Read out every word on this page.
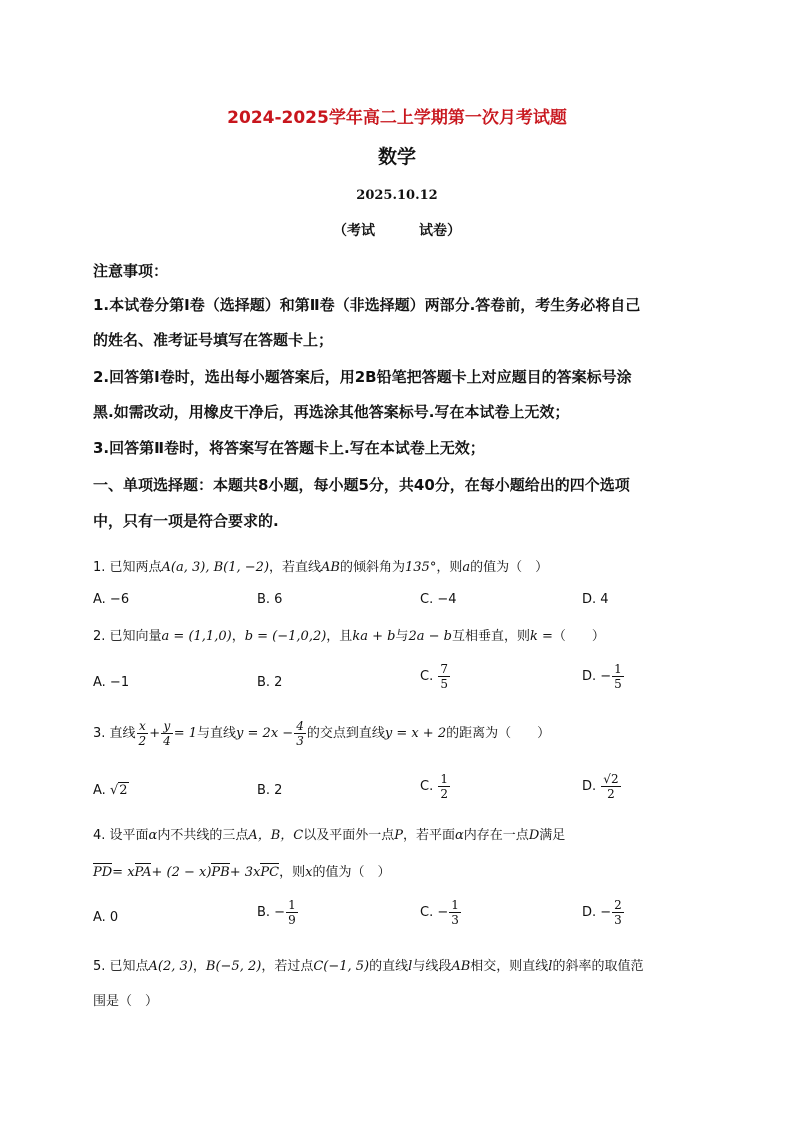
2024-2025学年高二上学期第一次月考试题
数学
2025.10.12
（考试	试卷）
注意事项：
1.本试卷分第Ⅰ卷（选择题）和第Ⅱ卷（非选择题）两部分.答卷前，考生务必将自己
的姓名、准考证号填写在答题卡上；
2.回答第Ⅰ卷时，选出每小题答案后，用2B铅笔把答题卡上对应题目的答案标号涂
黑.如需改动，用橡皮干净后，再选涂其他答案标号.写在本试卷上无效；
3.回答第Ⅱ卷时，将答案写在答题卡上.写在本试卷上无效；
一、单项选择题：本题共8小题，每小题5分，共40分，在每小题给出的四个选项
中，只有一项是符合要求的.
1. 已知两点A(a, 3), B(1, −2)，若直线AB的倾斜角为135°，则a的值为（　）
A. −6	B. 6	C. −4	D. 4
2. 已知向量a = (1,1,0)，b = (−1,0,2)，且ka + b与2a − b互相垂直，则k =（　　）
A. −1	B. 2	C. $\frac{7}{5}$	D. − $\frac{1}{5}$
3. 直线 $\frac{x}{2} + \frac{y}{4} = 1$与直线$y = 2x - \frac{4}{3}$ 的交点到直线y = x + 2的距离为（　　）
A. √2	B. 2	C. $\frac{1}{2}$	D. $\frac{√2}{2}$
4. 设平面α内不共线的三点A，B，C以及平面外一点P，若平面α内存在一点D满足
PD= xPA+ (2 − x)PB+ 3xPC，则x的值为（　）
A. 0	B. − $\frac{1}{9}$	C. − $\frac{1}{3}$	D. − $\frac{2}{3}$
5. 已知点A(2, 3)，B(−5, 2)，若过点C(−1, 5)的直线l与线段AB相交，则直线l的斜率的取值范
围是（　）
